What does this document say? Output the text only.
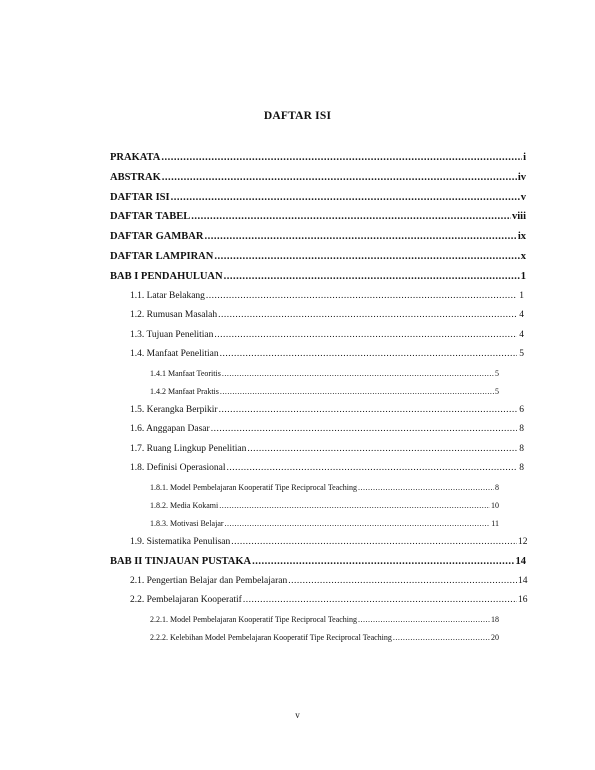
DAFTAR ISI
PRAKATA .....	i
ABSTRAK .....	iv
DAFTAR ISI .....	v
DAFTAR TABEL .....	viii
DAFTAR GAMBAR .....	ix
DAFTAR LAMPIRAN .....	x
BAB I PENDAHULUAN .....	1
1.1. Latar Belakang .....	1
1.2. Rumusan Masalah .....	4
1.3. Tujuan Penelitian .....	4
1.4. Manfaat Penelitian .....	5
1.4.1 Manfaat Teoritis .....	5
1.4.2 Manfaat Praktis .....	5
1.5. Kerangka Berpikir .....	6
1.6. Anggapan Dasar .....	8
1.7. Ruang Lingkup Penelitian .....	8
1.8. Definisi Operasional .....	8
1.8.1. Model Pembelajaran Kooperatif Tipe Reciprocal Teaching .....	8
1.8.2. Media Kokami .....	10
1.8.3. Motivasi Belajar .....	11
1.9. Sistematika Penulisan .....	12
BAB II TINJAUAN PUSTAKA .....	14
2.1. Pengertian Belajar dan Pembelajaran .....	14
2.2. Pembelajaran Kooperatif .....	16
2.2.1. Model Pembelajaran Kooperatif Tipe Reciprocal Teaching .....	18
2.2.2. Kelebihan Model Pembelajaran Kooperatif Tipe Reciprocal Teaching .....	20
v
